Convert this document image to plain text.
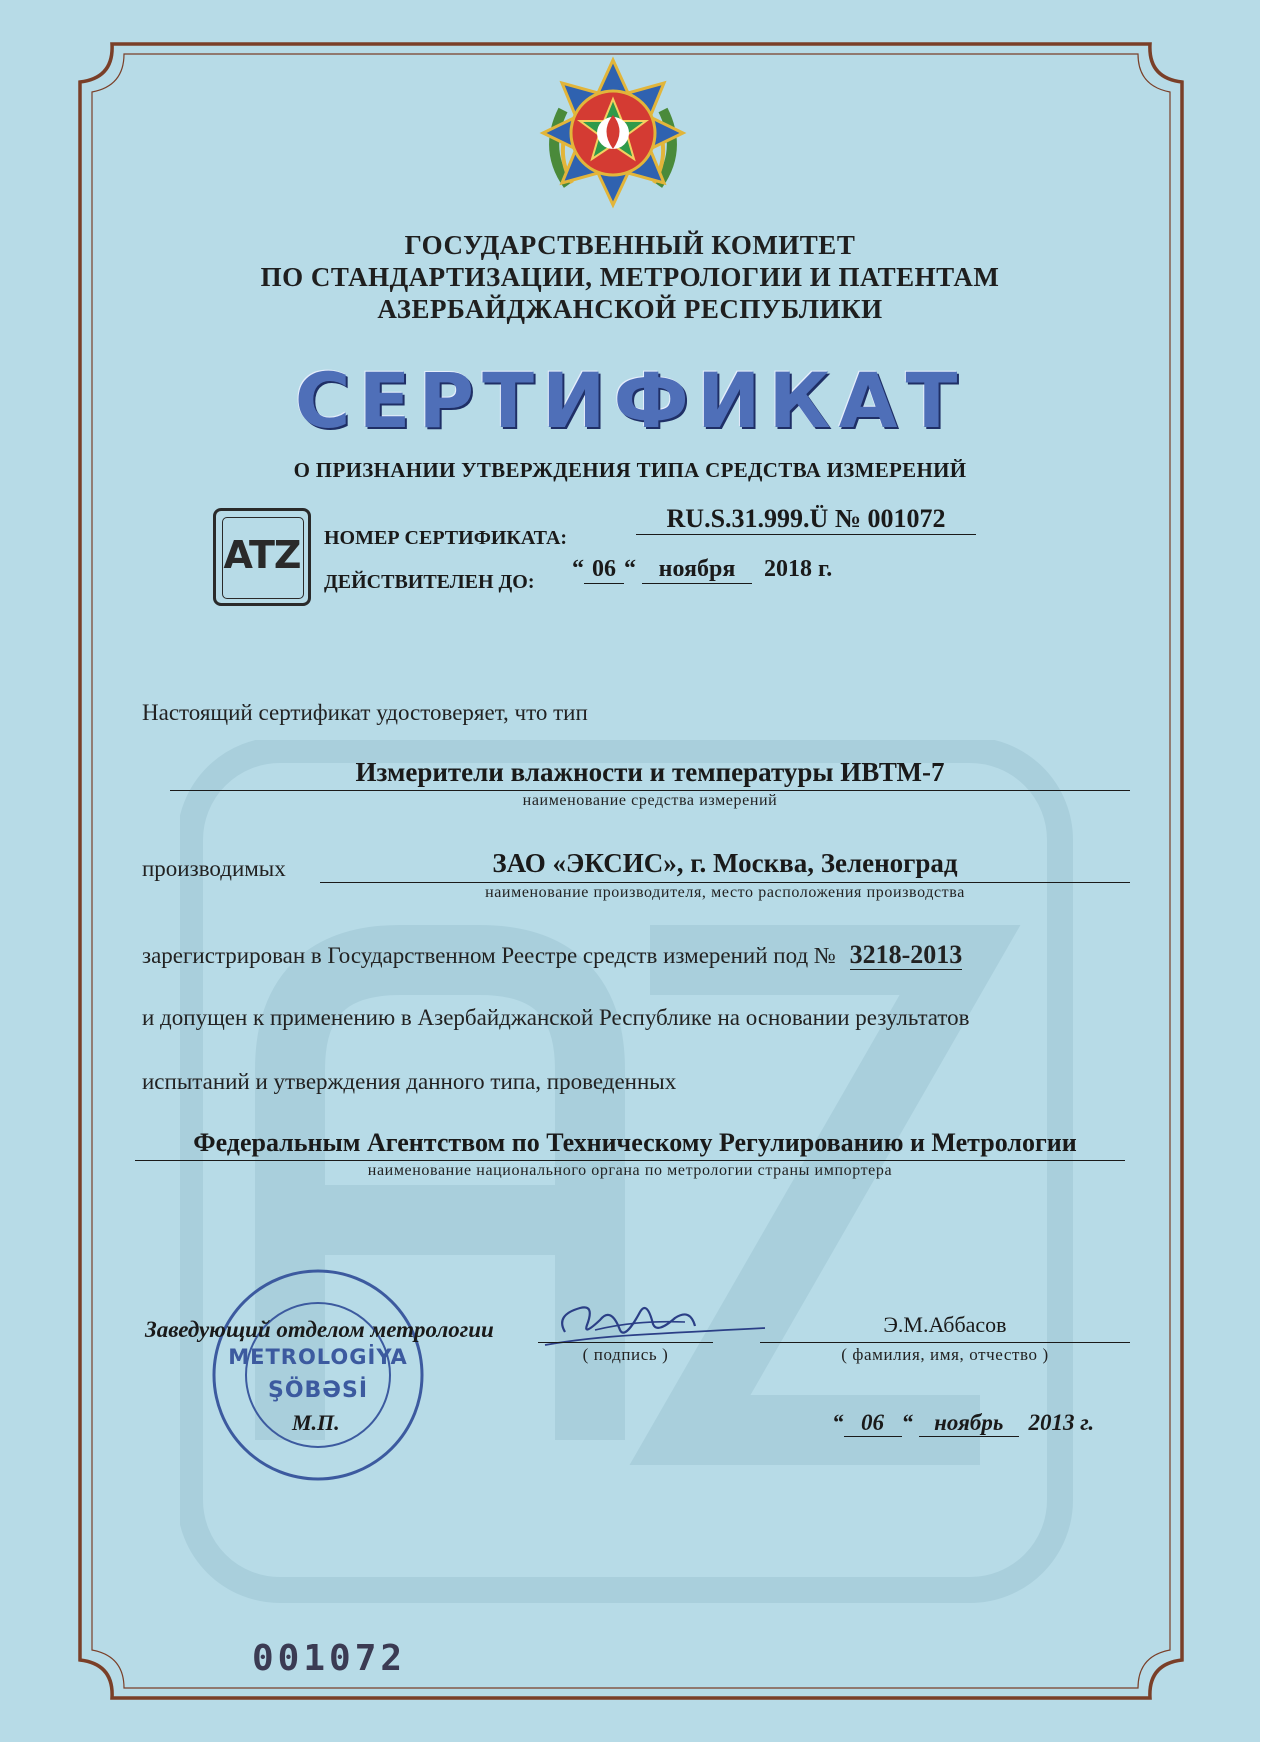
ГОСУДАРСТВЕННЫЙ КОМИТЕТ
ПО СТАНДАРТИЗАЦИИ, МЕТРОЛОГИИ И ПАТЕНТАМ
АЗЕРБАЙДЖАНСКОЙ РЕСПУБЛИКИ
СЕРТИФИКАТ
О ПРИЗНАНИИ УТВЕРЖДЕНИЯ ТИПА СРЕДСТВА ИЗМЕРЕНИЙ
ATZ	НОМЕР СЕРТИФИКАТА:
RU.S.31.999.Ü № 001072
ДЕЙСТВИТЕЛЕН ДО: “ 06 “ ноября 2018 г.
Настоящий сертификат удостоверяет, что тип
Измерители влажности и температуры ИВТМ-7
наименование средства измерений
производимых	ЗАО «ЭКСИС», г. Москва, Зеленоград
наименование производителя, место расположения производства
зарегистрирован в Государственном Реестре средств измерений под № 3218-2013
и допущен к применению в Азербайджанской Республике на основании результатов
испытаний и утверждения данного типа, проведенных
Федеральным Агентством по Техническому Регулированию и Метрологии
наименование национального органа по метрологии страны импортера
METROLOGİYA
ŞÖBƏSİ
Заведующий отделом метрологии
( подпись )
Э.М.Аббасов
( фамилия, имя, отчество )
М.П.	“ 06 “ ноябрь 2013 г.
001072
